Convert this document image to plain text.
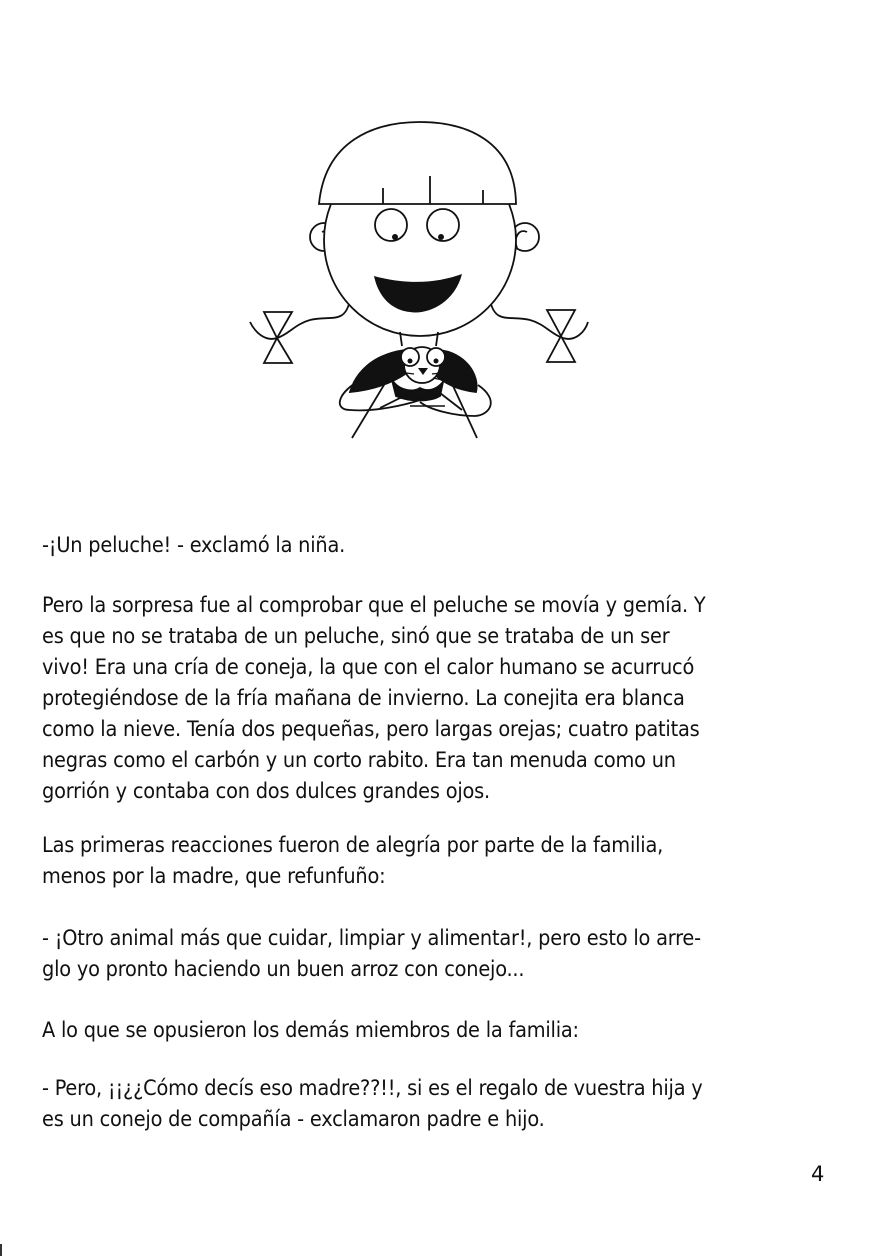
-¡Un peluche! - exclamó la niña.

Pero la sorpresa fue al comprobar que el peluche se movía y gemía. Y
es que no se trataba de un peluche, sinó que se trataba de un ser
vivo! Era una cría de coneja, la que con el calor humano se acurrucó
protegiéndose de la fría mañana de invierno. La conejita era blanca
como la nieve. Tenía dos pequeñas, pero largas orejas; cuatro patitas
negras como el carbón y un corto rabito. Era tan menuda como un
gorrión y contaba con dos dulces grandes ojos.

Las primeras reacciones fueron de alegría por parte de la familia,
menos por la madre, que refunfuño:

- ¡Otro animal más que cuidar, limpiar y alimentar!, pero esto lo arre-
glo yo pronto haciendo un buen arroz con conejo...

A lo que se opusieron los demás miembros de la familia:

- Pero, ¡¡¿¿Cómo decís eso madre??!!, si es el regalo de vuestra hija y
es un conejo de compañía - exclamaron padre e hijo.

4
